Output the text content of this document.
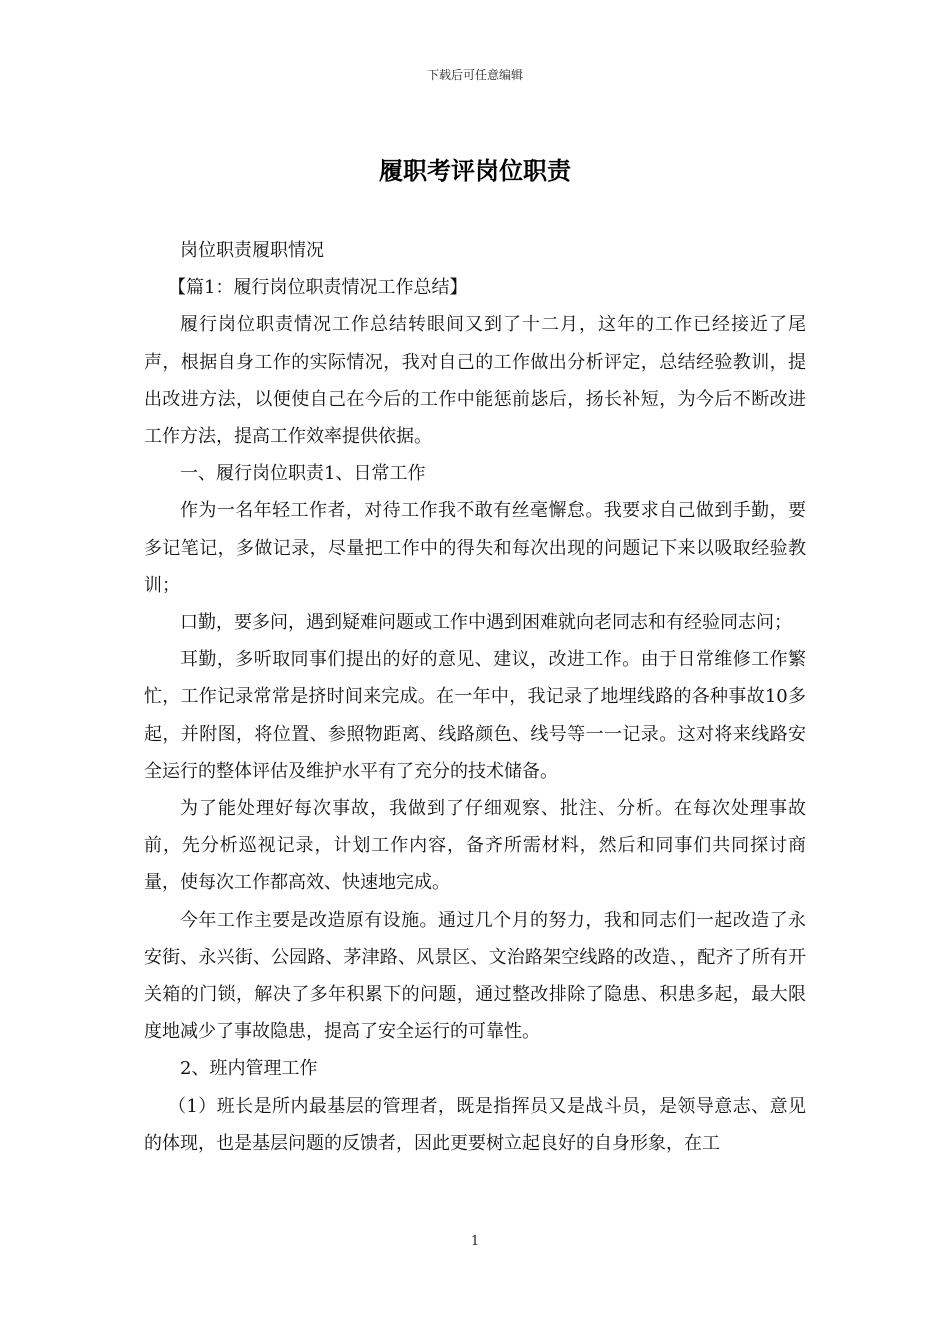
下载后可任意编辑
履职考评岗位职责

岗位职责履职情况

【篇1：履行岗位职责情况工作总结】

履行岗位职责情况工作总结转眼间又到了十二月，这年的工作已经接近了尾声，根据自身工作的实际情况，我对自己的工作做出分析评定，总结经验教训，提出改进方法，以便使自己在今后的工作中能惩前毖后，扬长补短，为今后不断改进工作方法，提高工作效率提供依据。

一、履行岗位职责1、日常工作

作为一名年轻工作者，对待工作我不敢有丝毫懈怠。我要求自己做到手勤，要多记笔记，多做记录，尽量把工作中的得失和每次出现的问题记下来以吸取经验教训；

口勤，要多问，遇到疑难问题或工作中遇到困难就向老同志和有经验同志问；

耳勤，多听取同事们提出的好的意见、建议，改进工作。由于日常维修工作繁忙，工作记录常常是挤时间来完成。在一年中，我记录了地埋线路的各种事故10多起，并附图，将位置、参照物距离、线路颜色、线号等一一记录。这对将来线路安全运行的整体评估及维护水平有了充分的技术储备。

为了能处理好每次事故，我做到了仔细观察、批注、分析。在每次处理事故前，先分析巡视记录，计划工作内容，备齐所需材料，然后和同事们共同探讨商量，使每次工作都高效、快速地完成。

今年工作主要是改造原有设施。通过几个月的努力，我和同志们一起改造了永安街、永兴街、公园路、茅津路、风景区、文治路架空线路的改造、，配齐了所有开关箱的门锁，解决了多年积累下的问题，通过整改排除了隐患、积患多起，最大限度地减少了事故隐患，提高了安全运行的可靠性。

2、班内管理工作

（1）班长是所内最基层的管理者，既是指挥员又是战斗员，是领导意志、意见的体现，也是基层问题的反馈者，因此更要树立起良好的自身形象，在工

1
